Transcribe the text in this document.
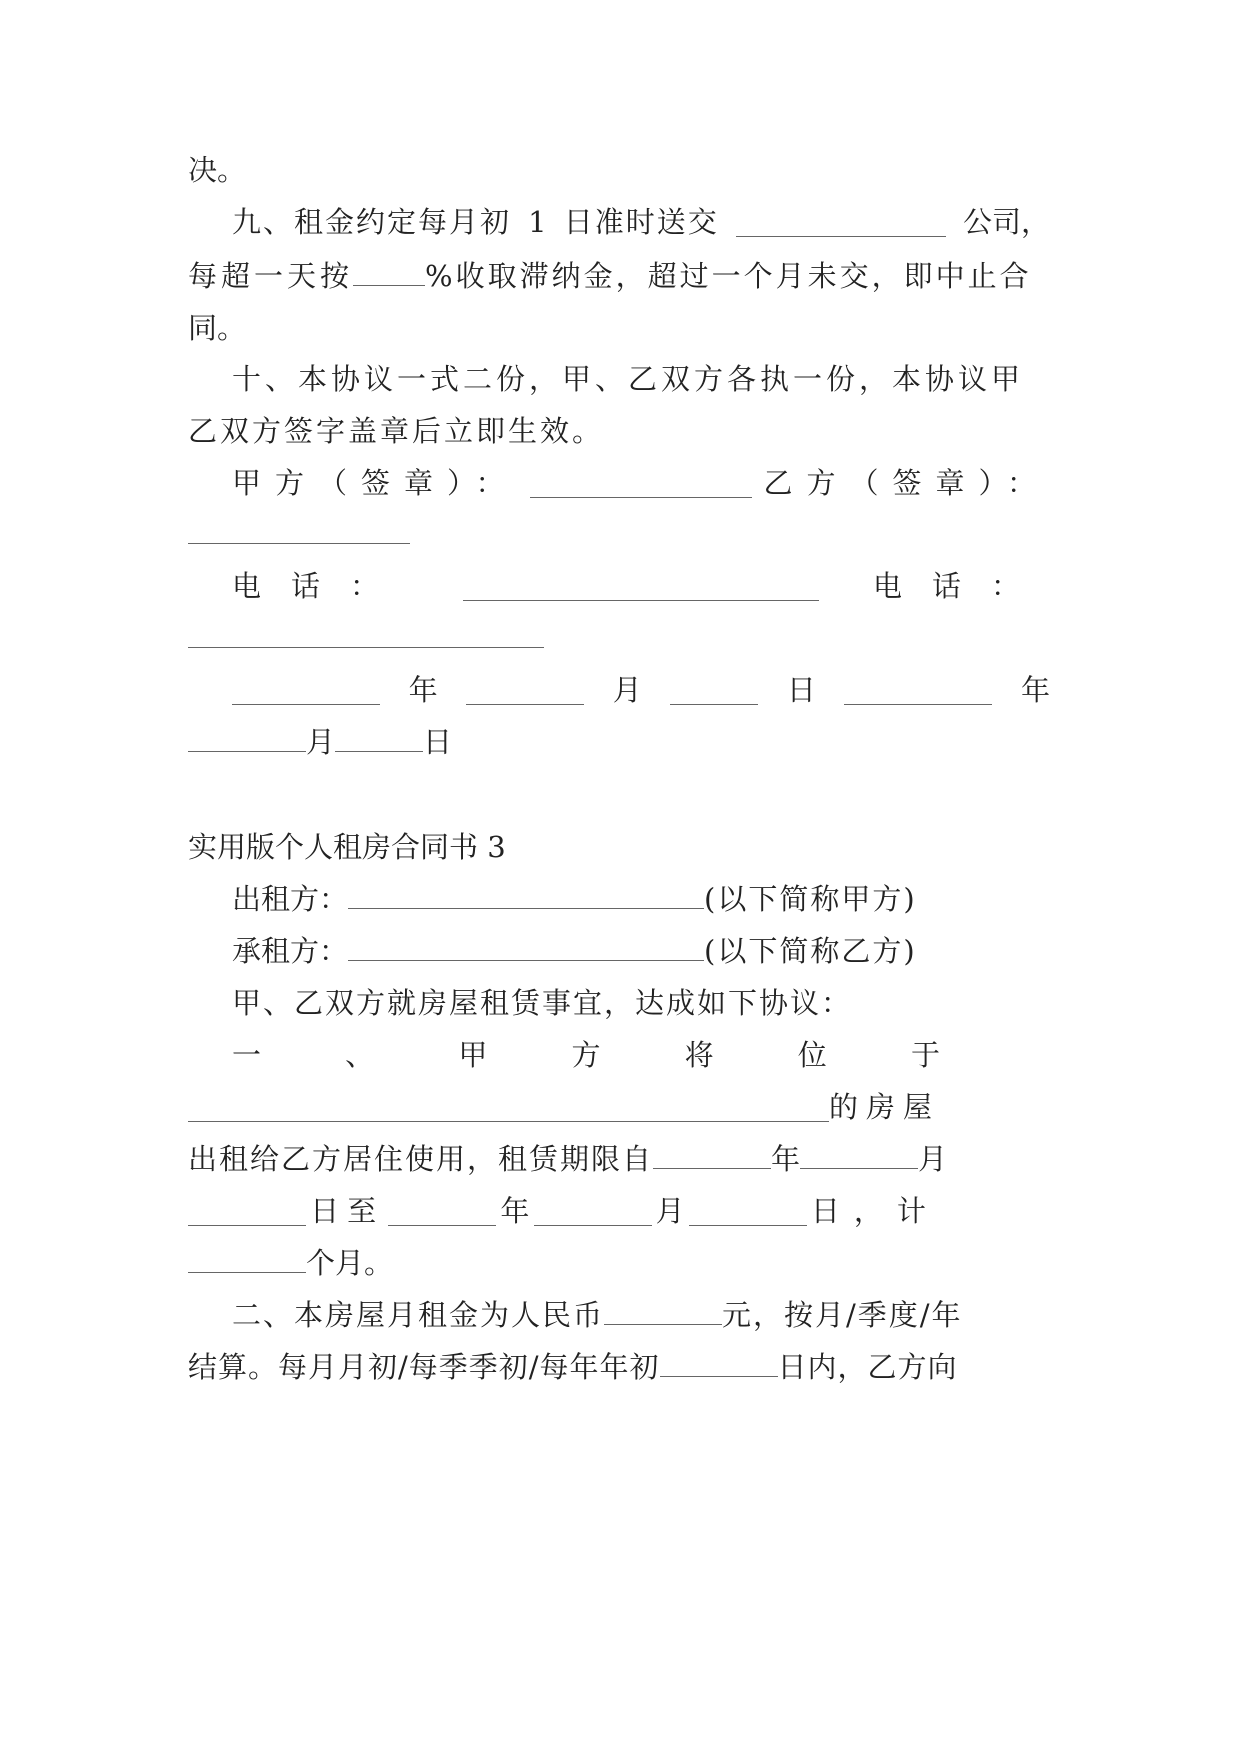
决。
九、租金约定每月初 1 日准时送交	公司，
每超一天按 %收取滞纳金，超过一个月未交，即中止合
同。
十、本协议一式二份，甲、乙双方各执一份，本协议甲
乙双方签字盖章后立即生效。
甲方（签章）：	乙方（签章）：
电话：	电话：
年	月	日	年
月	日
实用版个人租房合同书 3
出租方：	(以下简称甲方)
承租方：	(以下简称乙方)
甲、乙双方就房屋租赁事宜，达成如下协议：
一	、	甲	方	将	位	于
的房屋
出租给乙方居住使用，租赁期限自	年	月
日至	年	月	日，计
个月。
二、本房屋月租金为人民币	元，按月/季度/年
结算。每月月初/每季季初/每年年初	日内，乙方向
